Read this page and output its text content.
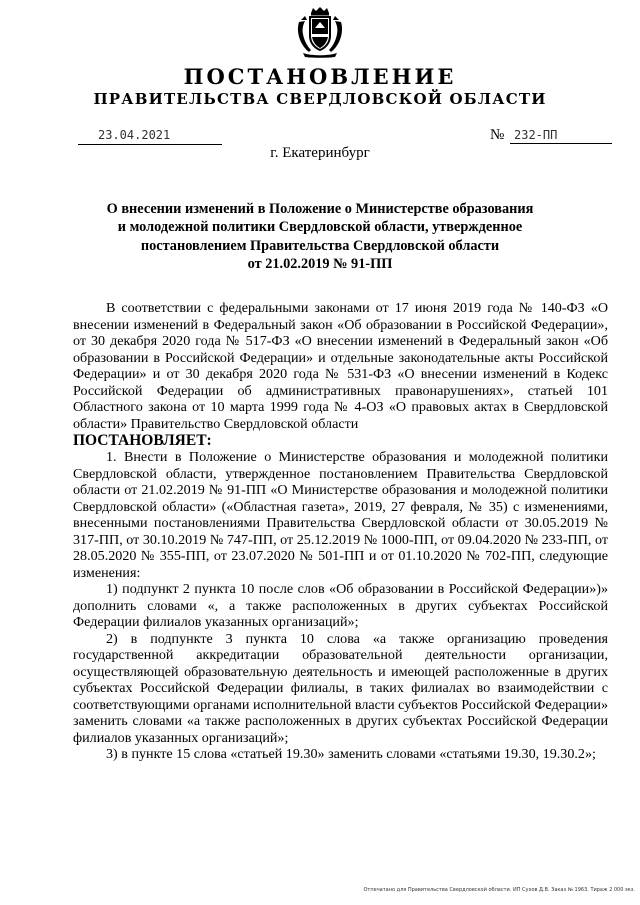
ПОСТАНОВЛЕНИЕ
ПРАВИТЕЛЬСТВА СВЕРДЛОВСКОЙ ОБЛАСТИ
23.04.2021	№ 232-ПП
г. Екатеринбург
О внесении изменений в Положение о Министерстве образования
и молодежной политики Свердловской области, утвержденное
постановлением Правительства Свердловской области
от 21.02.2019 № 91-ПП

В соответствии с федеральными законами от 17 июня 2019 года № 140-ФЗ «О внесении изменений в Федеральный закон «Об образовании в Российской Федерации», от 30 декабря 2020 года № 517-ФЗ «О внесении изменений в Федеральный закон «Об образовании в Российской Федерации» и отдельные законодательные акты Российской Федерации» и от 30 декабря 2020 года № 531-ФЗ «О внесении изменений в Кодекс Российской Федерации об административных правонарушениях», статьей 101 Областного закона от 10 марта 1999 года № 4-ОЗ «О правовых актах в Свердловской области» Правительство Свердловской области

ПОСТАНОВЛЯЕТ:

1. Внести в Положение о Министерстве образования и молодежной политики Свердловской области, утвержденное постановлением Правительства Свердловской области от 21.02.2019 № 91-ПП «О Министерстве образования и молодежной политики Свердловской области» («Областная газета», 2019, 27 февраля, № 35) с изменениями, внесенными постановлениями Правительства Свердловской области от 30.05.2019 № 317-ПП, от 30.10.2019 № 747-ПП, от 25.12.2019 № 1000-ПП, от 09.04.2020 № 233-ПП, от 28.05.2020 № 355-ПП, от 23.07.2020 № 501-ПП и от 01.10.2020 № 702-ПП, следующие изменения:

1) подпункт 2 пункта 10 после слов «Об образовании в Российской Федерации»)» дополнить словами «, а также расположенных в других субъектах Российской Федерации филиалов указанных организаций»;

2) в подпункте 3 пункта 10 слова «а также организацию проведения государственной аккредитации образовательной деятельности организации, осуществляющей образовательную деятельность и имеющей расположенные в других субъектах Российской Федерации филиалы, в таких филиалах во взаимодействии с соответствующими органами исполнительной власти субъектов Российской Федерации» заменить словами «а также расположенных в других субъектах Российской Федерации филиалов указанных организаций»;

3) в пункте 15 слова «статьей 19.30» заменить словами «статьями 19.30, 19.30.2»;

Отпечатано для Правительства Свердловской области. ИП Сухов Д.В. Заказ № 1963. Тираж 2 000 экз.
